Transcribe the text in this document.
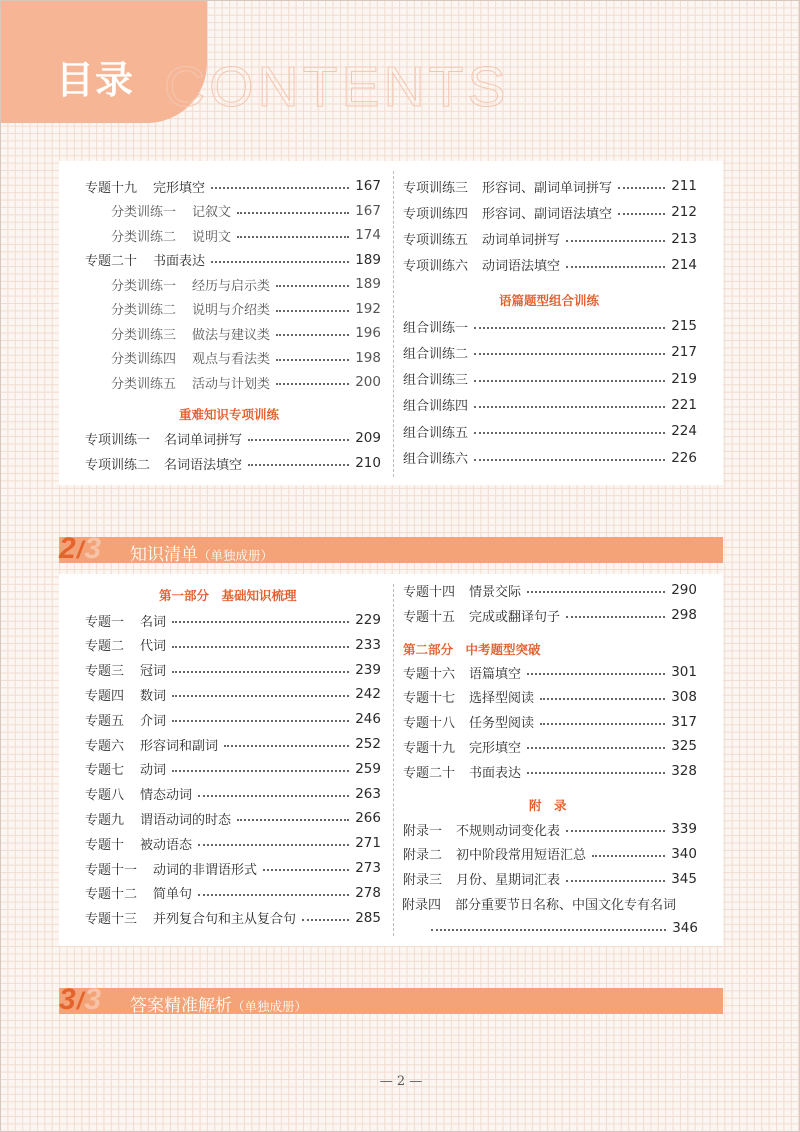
目录 CONTENTS
重难知识专项训练
语篇题型组合训练
专题十九 完形填空	167
分类训练一 记叙文	167
分类训练二 说明文	174
专题二十 书面表达	189
分类训练一 经历与启示类	189
分类训练二 说明与介绍类	192
分类训练三 做法与建议类	196
分类训练四 观点与看法类	198
分类训练五 活动与计划类	200
专项训练一 名词单词拼写	209
专项训练二 名词语法填空	210
专项训练三 形容词、副词单词拼写	211
专项训练四 形容词、副词语法填空	212
专项训练五 动词单词拼写	213
专项训练六 动词语法填空	214
组合训练一	215
组合训练二	217
组合训练三	219
组合训练四	221
组合训练五	224
组合训练六	226
2 / 3 知识清单（单独成册）
第一部分　基础知识梳理
第二部分　中考题型突破
附　录
专题一 名词	229
专题二 代词	233
专题三 冠词	239
专题四 数词	242
专题五 介词	246
专题六 形容词和副词	252
专题七 动词	259
专题八 情态动词	263
专题九 谓语动词的时态	266
专题十 被动语态	271
专题十一 动词的非谓语形式	273
专题十二 简单句	278
专题十三 并列复合句和主从复合句	285
专题十四 情景交际	290
专题十五 完成或翻译句子	298
专题十六 语篇填空	301
专题十七 选择型阅读	308
专题十八 任务型阅读	317
专题十九 完形填空	325
专题二十 书面表达	328
附录一 不规则动词变化表	339
附录二 初中阶段常用短语汇总	340
附录三 月份、星期词汇表	345
附录四 部分重要节日名称、中国文化专有名词
346
3 / 3 答案精准解析（单独成册）
— 2 —
